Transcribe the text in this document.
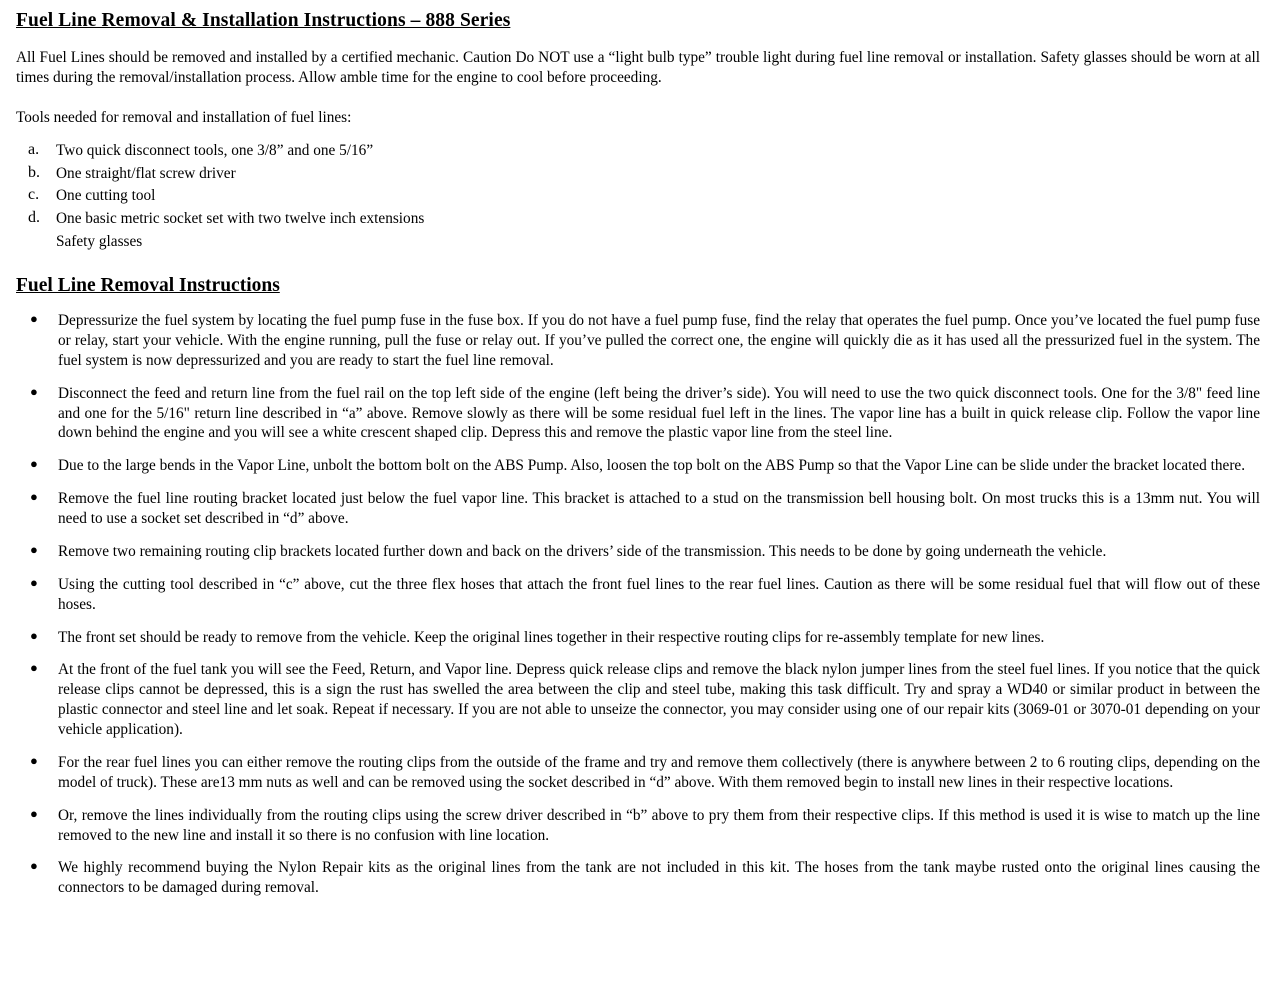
Fuel Line Removal & Installation Instructions – 888 Series

All Fuel Lines should be removed and installed by a certified mechanic. Caution Do NOT use a “light bulb type” trouble light during fuel line removal or installation. Safety glasses should be worn at all times during the removal/installation process. Allow amble time for the engine to cool before proceeding.

Tools needed for removal and installation of fuel lines:

a. Two quick disconnect tools, one 3/8” and one 5/16”
b. One straight/flat screw driver
c. One cutting tool
d. One basic metric socket set with two twelve inch extensions
Safety glasses
Fuel Line Removal Instructions
● Depressurize the fuel system by locating the fuel pump fuse in the fuse box. If you do not have a fuel pump fuse, find the relay that operates the fuel pump. Once you’ve located the fuel pump fuse or relay, start your vehicle. With the engine running, pull the fuse or relay out. If you’ve pulled the correct one, the engine will quickly die as it has used all the pressurized fuel in the system. The fuel system is now depressurized and you are ready to start the fuel line removal.
● Disconnect the feed and return line from the fuel rail on the top left side of the engine (left being the driver’s side). You will need to use the two quick disconnect tools. One for the 3/8" feed line and one for the 5/16" return line described in “a” above. Remove slowly as there will be some residual fuel left in the lines. The vapor line has a built in quick release clip. Follow the vapor line down behind the engine and you will see a white crescent shaped clip. Depress this and remove the plastic vapor line from the steel line.
● Due to the large bends in the Vapor Line, unbolt the bottom bolt on the ABS Pump. Also, loosen the top bolt on the ABS Pump so that the Vapor Line can be slide under the bracket located there.
● Remove the fuel line routing bracket located just below the fuel vapor line. This bracket is attached to a stud on the transmission bell housing bolt. On most trucks this is a 13mm nut. You will need to use a socket set described in “d” above.
● Remove two remaining routing clip brackets located further down and back on the drivers’ side of the transmission. This needs to be done by going underneath the vehicle.
● Using the cutting tool described in “c” above, cut the three flex hoses that attach the front fuel lines to the rear fuel lines. Caution as there will be some residual fuel that will flow out of these hoses.
● The front set should be ready to remove from the vehicle. Keep the original lines together in their respective routing clips for re-assembly template for new lines.
● At the front of the fuel tank you will see the Feed, Return, and Vapor line. Depress quick release clips and remove the black nylon jumper lines from the steel fuel lines. If you notice that the quick release clips cannot be depressed, this is a sign the rust has swelled the area between the clip and steel tube, making this task difficult. Try and spray a WD40 or similar product in between the plastic connector and steel line and let soak. Repeat if necessary. If you are not able to unseize the connector, you may consider using one of our repair kits (3069-01 or 3070-01 depending on your vehicle application).
● For the rear fuel lines you can either remove the routing clips from the outside of the frame and try and remove them collectively (there is anywhere between 2 to 6 routing clips, depending on the model of truck). These are13 mm nuts as well and can be removed using the socket described in “d” above. With them removed begin to install new lines in their respective locations.
● Or, remove the lines individually from the routing clips using the screw driver described in “b” above to pry them from their respective clips. If this method is used it is wise to match up the line removed to the new line and install it so there is no confusion with line location.
● We highly recommend buying the Nylon Repair kits as the original lines from the tank are not included in this kit. The hoses from the tank maybe rusted onto the original lines causing the connectors to be damaged during removal.
